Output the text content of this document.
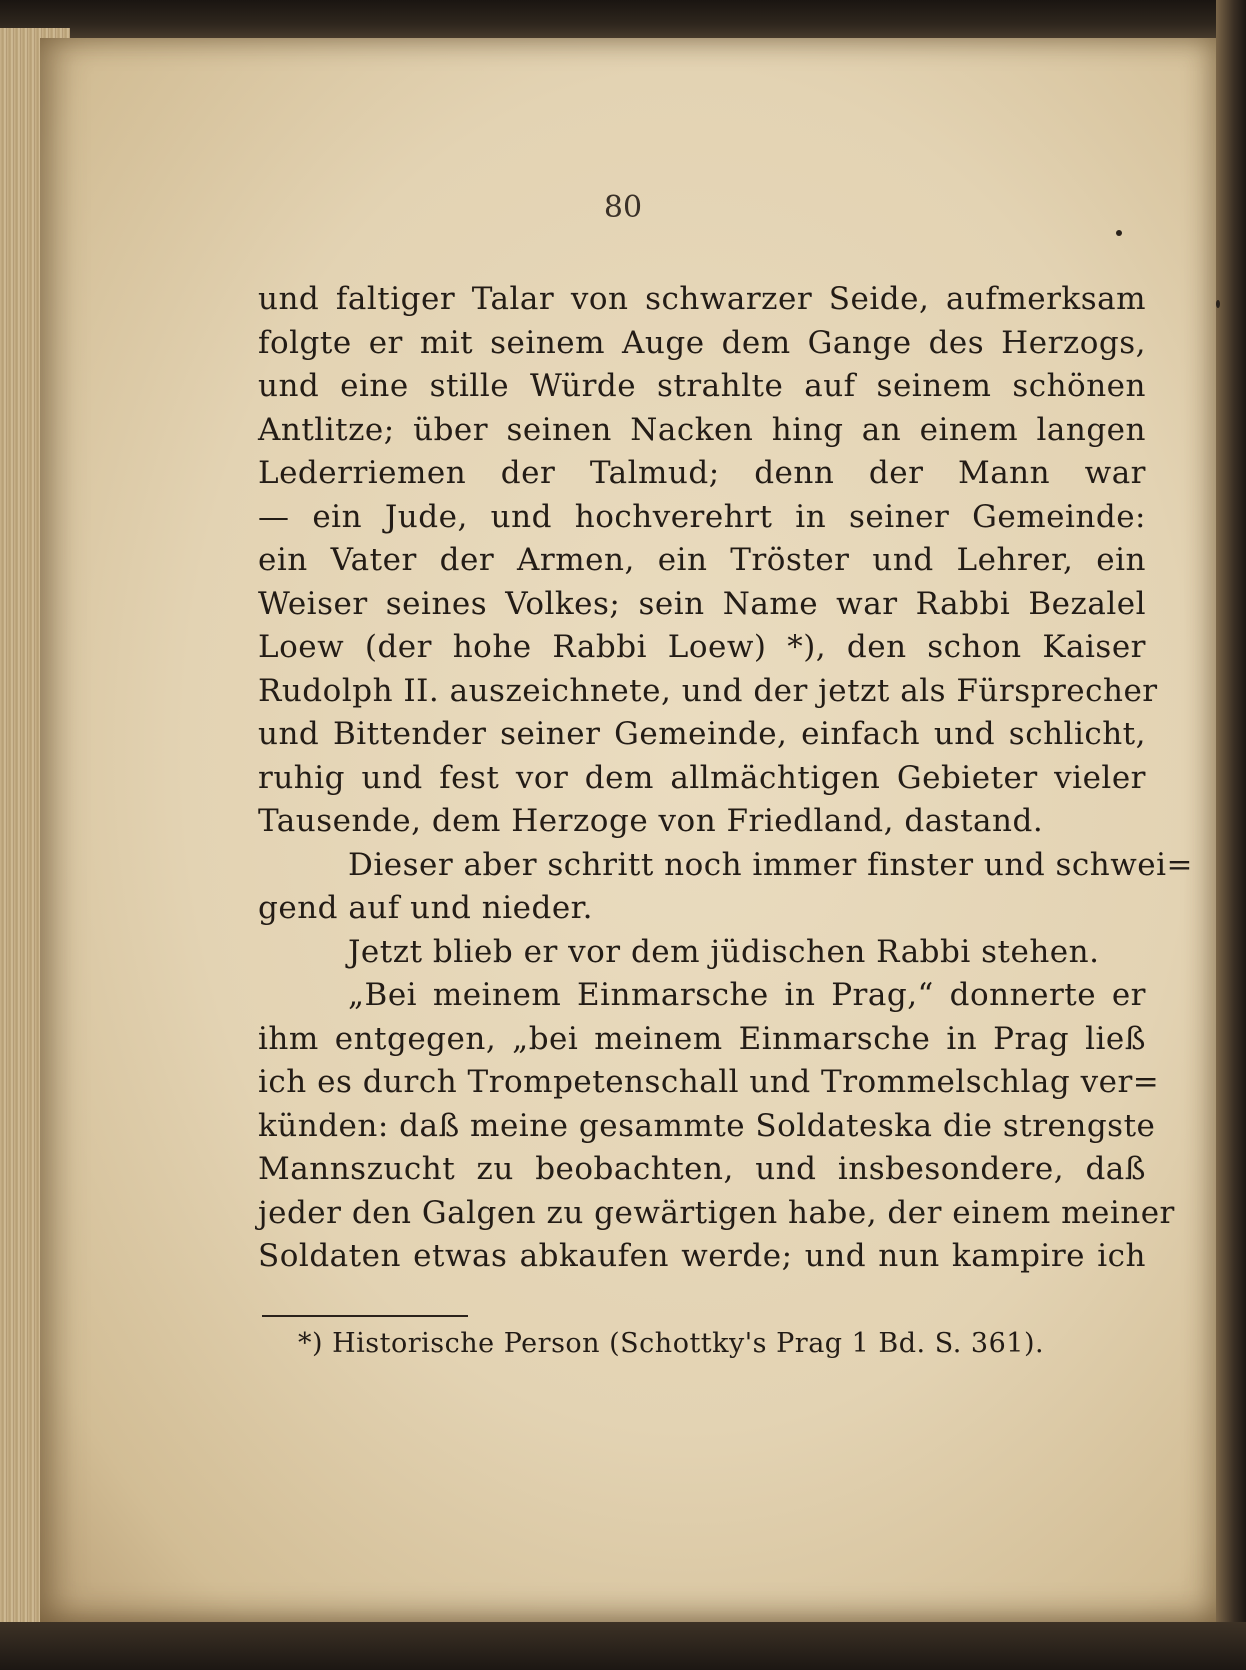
80
und faltiger Talar von schwarzer Seide, aufmerksam
folgte er mit seinem Auge dem Gange des Herzogs,
und eine stille Würde strahlte auf seinem schönen
Antlitze; über seinen Nacken hing an einem langen
Lederriemen der Talmud; denn der Mann war
— ein Jude, und hochverehrt in seiner Gemeinde:
ein Vater der Armen, ein Tröster und Lehrer, ein
Weiser seines Volkes; sein Name war Rabbi Bezalel
Loew (der hohe Rabbi Loew) *), den schon Kaiser
Rudolph II. auszeichnete, und der jetzt als Fürsprecher
und Bittender seiner Gemeinde, einfach und schlicht,
ruhig und fest vor dem allmächtigen Gebieter vieler
Tausende, dem Herzoge von Friedland, dastand.
Dieser aber schritt noch immer finster und schwei=
gend auf und nieder.
Jetzt blieb er vor dem jüdischen Rabbi stehen.
„Bei meinem Einmarsche in Prag,“ donnerte er
ihm entgegen, „bei meinem Einmarsche in Prag ließ
ich es durch Trompetenschall und Trommelschlag ver=
künden: daß meine gesammte Soldateska die strengste
Mannszucht zu beobachten, und insbesondere, daß
jeder den Galgen zu gewärtigen habe, der einem meiner
Soldaten etwas abkaufen werde; und nun kampire ich
*) Historische Person (Schottky's Prag 1 Bd. S. 361).
